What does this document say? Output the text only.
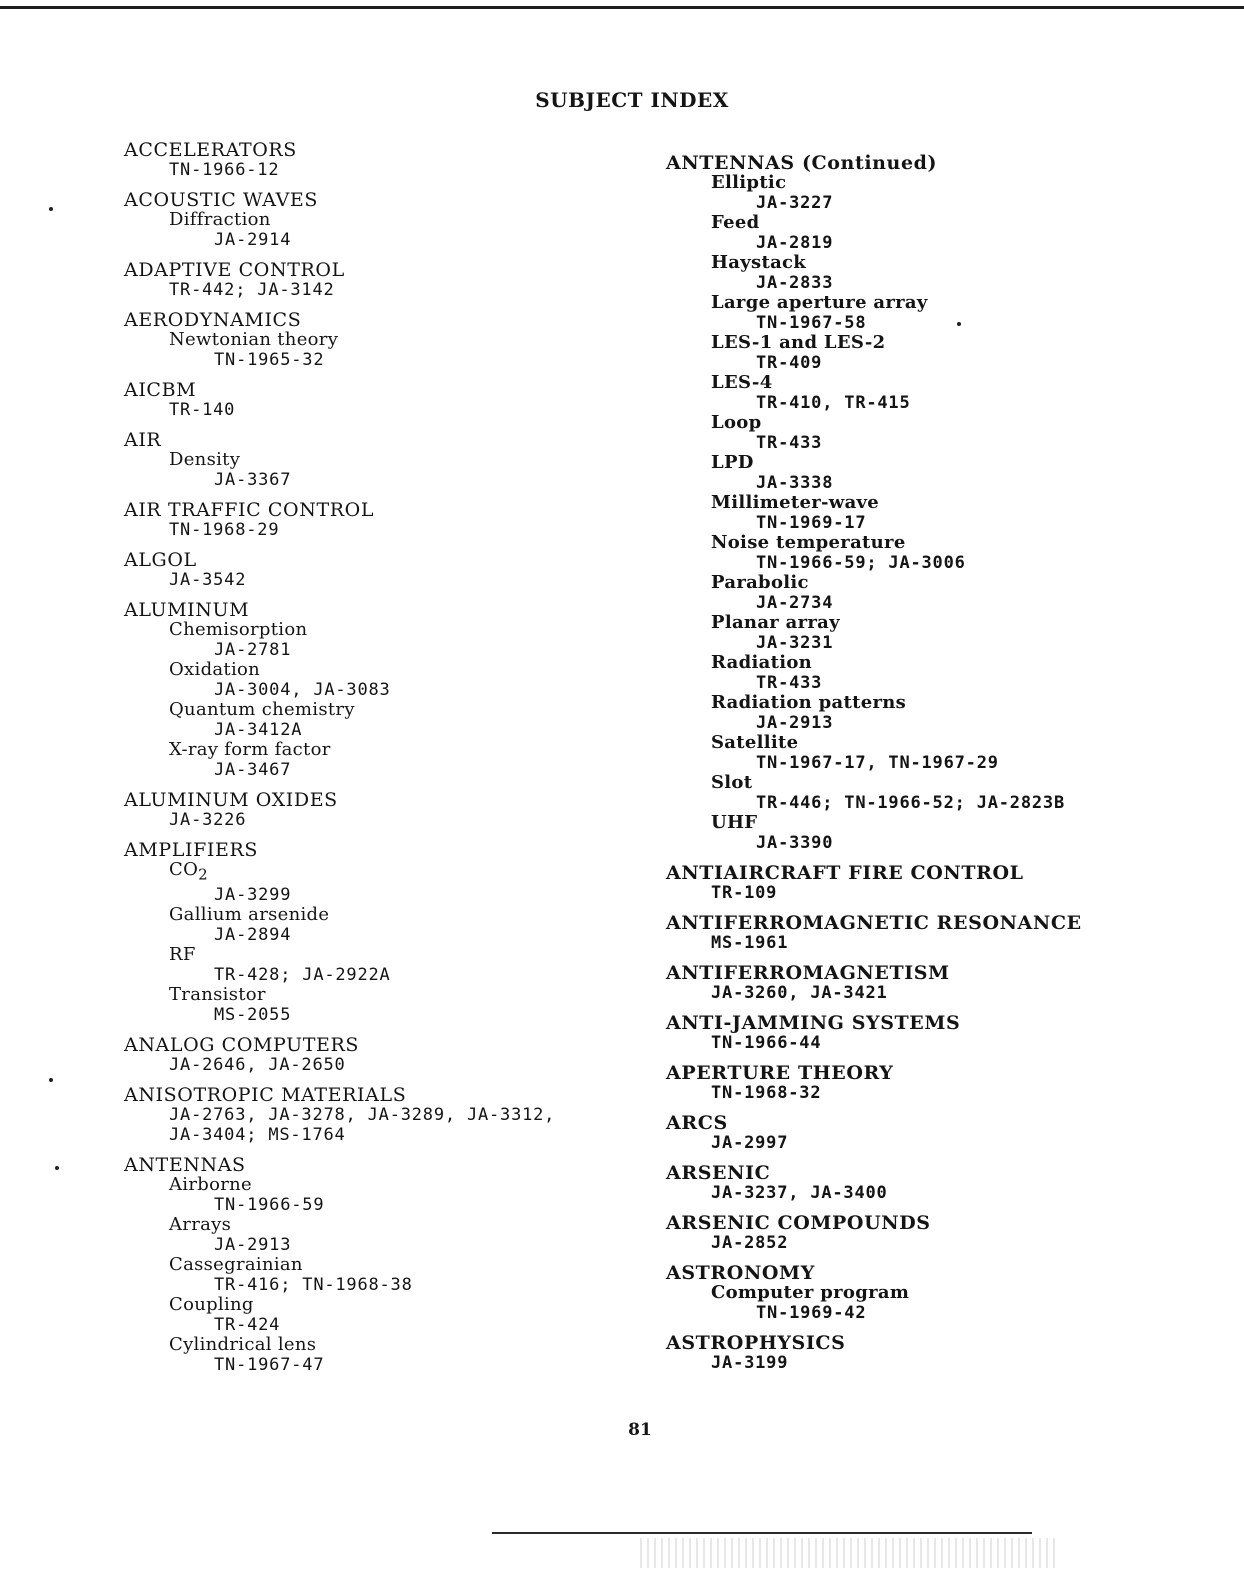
SUBJECT INDEX
ACCELERATORS
TN-1966-12
ACOUSTIC WAVES
Diffraction
JA-2914
ADAPTIVE CONTROL
TR-442; JA-3142
AERODYNAMICS
Newtonian theory
TN-1965-32
AICBM
TR-140
AIR
Density
JA-3367
AIR TRAFFIC CONTROL
TN-1968-29
ALGOL
JA-3542
ALUMINUM
Chemisorption
JA-2781
Oxidation
JA-3004, JA-3083
Quantum chemistry
JA-3412A
X-ray form factor
JA-3467
ALUMINUM OXIDES
JA-3226
AMPLIFIERS
$CO_2$
JA-3299
Gallium arsenide
JA-2894
RF
TR-428; JA-2922A
Transistor
MS-2055
ANALOG COMPUTERS
JA-2646, JA-2650
ANISOTROPIC MATERIALS
JA-2763, JA-3278, JA-3289, JA-3312,
JA-3404; MS-1764
ANTENNAS
Airborne
TN-1966-59
Arrays
JA-2913
Cassegrainian
TR-416; TN-1968-38
Coupling
TR-424
Cylindrical lens
TN-1967-47
ANTENNAS (Continued)
Elliptic
JA-3227
Feed
JA-2819
Haystack
JA-2833
Large aperture array
TN-1967-58
LES-1 and LES-2
TR-409
LES-4
TR-410, TR-415
Loop
TR-433
LPD
JA-3338
Millimeter-wave
TN-1969-17
Noise temperature
TN-1966-59; JA-3006
Parabolic
JA-2734
Planar array
JA-3231
Radiation
TR-433
Radiation patterns
JA-2913
Satellite
TN-1967-17, TN-1967-29
Slot
TR-446; TN-1966-52; JA-2823B
UHF
JA-3390
ANTIAIRCRAFT FIRE CONTROL
TR-109
ANTIFERROMAGNETIC RESONANCE
MS-1961
ANTIFERROMAGNETISM
JA-3260, JA-3421
ANTI-JAMMING SYSTEMS
TN-1966-44
APERTURE THEORY
TN-1968-32
ARCS
JA-2997
ARSENIC
JA-3237, JA-3400
ARSENIC COMPOUNDS
JA-2852
ASTRONOMY
Computer program
TN-1969-42
ASTROPHYSICS
JA-3199
81
